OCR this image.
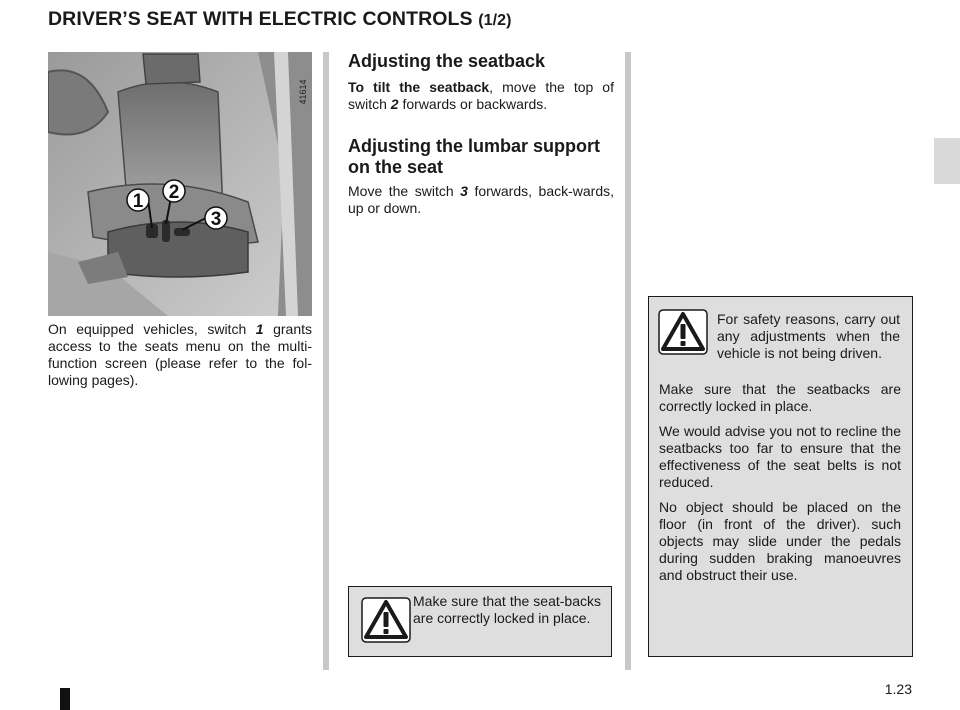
DRIVER’S SEAT WITH ELECTRIC CONTROLS (1/2)
1 2
3
41614
On equipped vehicles, switch 1 grants access to the seats menu on the multi-function screen (please refer to the fol-lowing pages).
Adjusting the seatback
To tilt the seatback, move the top of switch 2 forwards or backwards.
Adjusting the lumbar support
on the seat
Move the switch 3 forwards, back-wards, up or down.
Make sure that the seat-backs are correctly locked in place.
For safety reasons, carry out any adjustments when the vehicle is not being driven.
Make sure that the seatbacks are correctly locked in place.
We would advise you not to recline the seatbacks too far to ensure that the effectiveness of the seat belts is not reduced.
No object should be placed on the floor (in front of the driver). such objects may slide under the pedals during sudden braking manoeuvres and obstruct their use.
1.23
